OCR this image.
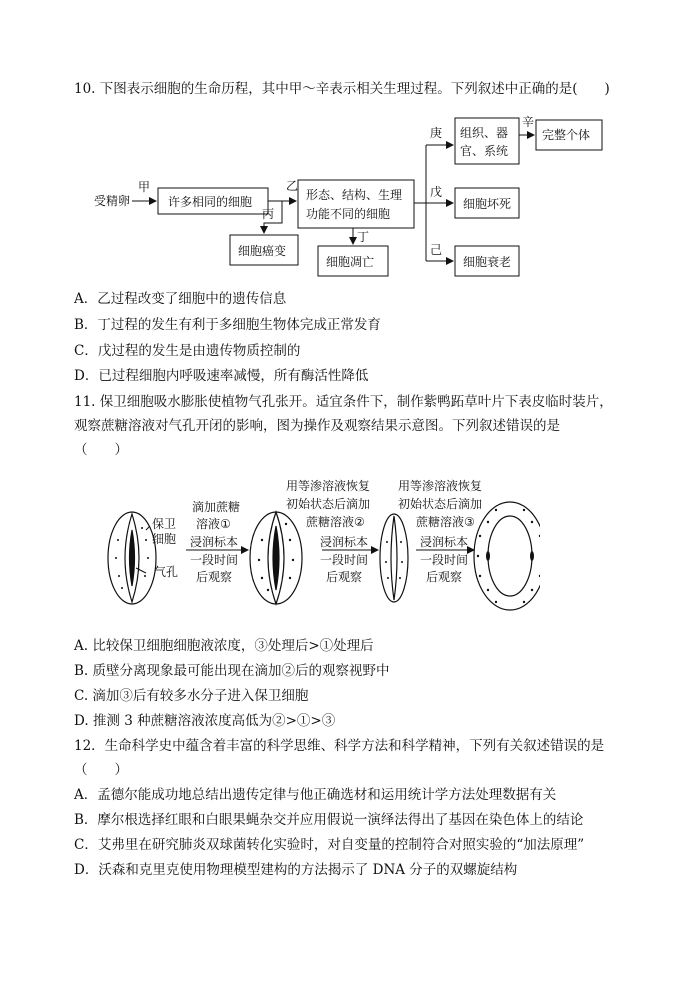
10. 下图表示细胞的生命历程，其中甲～辛表示相关生理过程。下列叙述中正确的是(　　)
受精卵
甲
许多相同的细胞
乙
丙
形态、结构、生理
功能不同的细胞
细胞癌变
丁
细胞凋亡
庚 组织、器
官、系统
辛
完整个体
戊
细胞坏死
己
细胞衰老
A．乙过程改变了细胞中的遗传信息
B．丁过程的发生有利于多细胞生物体完成正常发育
C．戊过程的发生是由遗传物质控制的
D．已过程细胞内呼吸速率减慢，所有酶活性降低
11. 保卫细胞吸水膨胀使植物气孔张开。适宜条件下，制作紫鸭跖草叶片下表皮临时装片，
观察蔗糖溶液对气孔开闭的影响，图为操作及观察结果示意图。下列叙述错误的是
（　　）
保卫
细胞
气孔
滴加蔗糖
溶液①
浸润标本
一段时间
后观察
用等渗溶液恢复
初始状态后滴加
蔗糖溶液②
浸润标本
一段时间
后观察
用等渗溶液恢复
初始状态后滴加
蔗糖溶液③
浸润标本
一段时间
后观察
A. 比较保卫细胞细胞液浓度，③处理后>①处理后
B. 质壁分离现象最可能出现在滴加②后的观察视野中
C. 滴加③后有较多水分子进入保卫细胞
D. 推测 3 种蔗糖溶液浓度高低为②>①>③
12．生命科学史中蕴含着丰富的科学思维、科学方法和科学精神，下列有关叙述错误的是
（　　）
A．孟德尔能成功地总结出遗传定律与他正确选材和运用统计学方法处理数据有关
B．摩尔根选择红眼和白眼果蝇杂交并应用假说一演绎法得出了基因在染色体上的结论
C．艾弗里在研究肺炎双球菌转化实验时，对自变量的控制符合对照实验的“加法原理”
D．沃森和克里克使用物理模型建构的方法揭示了 DNA 分子的双螺旋结构
